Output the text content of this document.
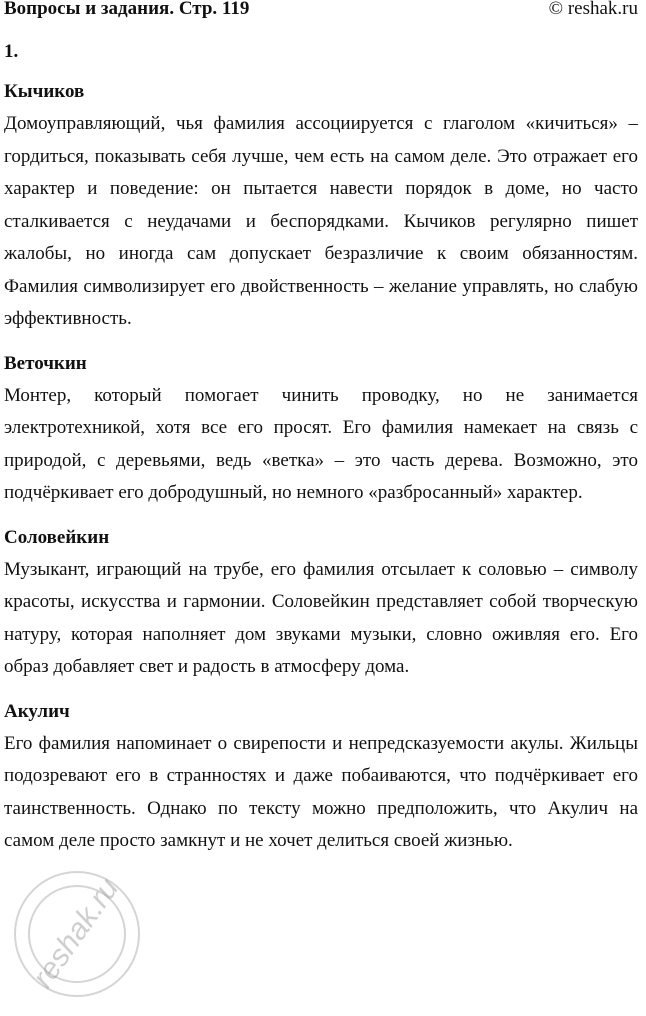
Вопросы и задания. Стр. 119	© reshak.ru
1.
Кычиков
Домоуправляющий, чья фамилия ассоциируется с глаголом «кичиться» – гордиться, показывать себя лучше, чем есть на самом деле. Это отражает его характер и поведение: он пытается навести порядок в доме, но часто сталкивается с неудачами и беспорядками. Кычиков регулярно пишет жалобы, но иногда сам допускает безразличие к своим обязанностям. Фамилия символизирует его двойственность – желание управлять, но слабую эффективность.
Веточкин
Монтер, который помогает чинить проводку, но не занимается электротехникой, хотя все его просят. Его фамилия намекает на связь с природой, с деревьями, ведь «ветка» – это часть дерева. Возможно, это подчёркивает его добродушный, но немного «разбросанный» характер.
Соловейкин
Музыкант, играющий на трубе, его фамилия отсылает к соловью – символу красоты, искусства и гармонии. Соловейкин представляет собой творческую натуру, которая наполняет дом звуками музыки, словно оживляя его. Его образ добавляет свет и радость в атмосферу дома.
Акулич
Его фамилия напоминает о свирепости и непредсказуемости акулы. Жильцы подозревают его в странностях и даже побаиваются, что подчёркивает его таинственность. Однако по тексту можно предположить, что Акулич на самом деле просто замкнут и не хочет делиться своей жизнью.
reshak.ru
